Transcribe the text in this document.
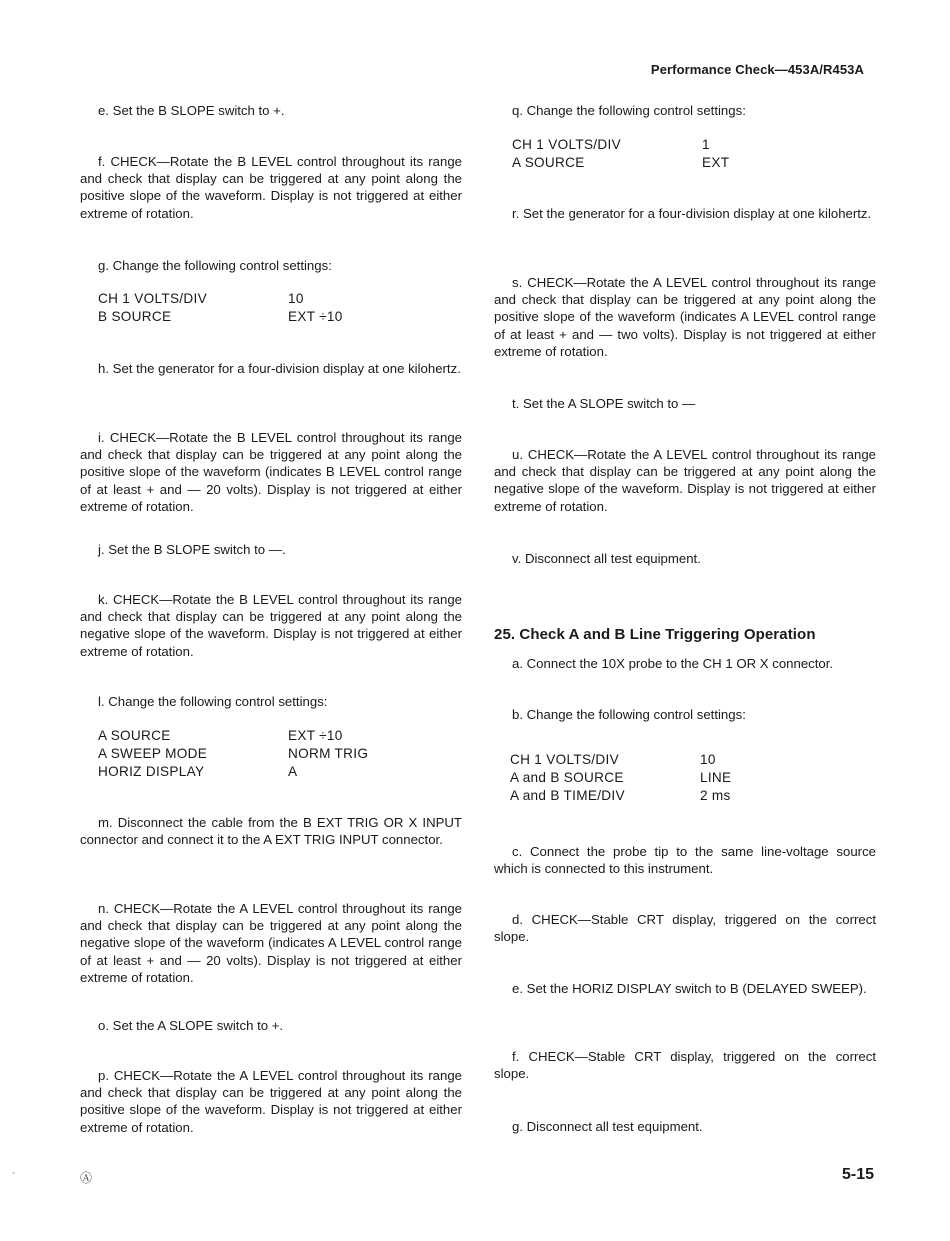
Performance Check—453A/R453A

e. Set the B SLOPE switch to +.

f. CHECK—Rotate the B LEVEL control throughout its range and check that display can be triggered at any point along the positive slope of the waveform. Display is not triggered at either extreme of rotation.

g. Change the following control settings:

CH 1 VOLTS/DIV	10
B SOURCE	EXT ÷10

h. Set the generator for a four-division display at one kilohertz.

i. CHECK—Rotate the B LEVEL control throughout its range and check that display can be triggered at any point along the positive slope of the waveform (indicates B LEVEL control range of at least + and — 20 volts). Display is not triggered at either extreme of rotation.

j. Set the B SLOPE switch to —.

k. CHECK—Rotate the B LEVEL control throughout its range and check that display can be triggered at any point along the negative slope of the waveform. Display is not triggered at either extreme of rotation.

l. Change the following control settings:

A SOURCE	EXT ÷10
A SWEEP MODE	NORM TRIG
HORIZ DISPLAY	A

m. Disconnect the cable from the B EXT TRIG OR X INPUT connector and connect it to the A EXT TRIG INPUT connector.

n. CHECK—Rotate the A LEVEL control throughout its range and check that display can be triggered at any point along the negative slope of the waveform (indicates A LEVEL control range of at least + and — 20 volts). Display is not triggered at either extreme of rotation.

o. Set the A SLOPE switch to +.

p. CHECK—Rotate the A LEVEL control throughout its range and check that display can be triggered at any point along the positive slope of the waveform. Display is not triggered at either extreme of rotation.

q. Change the following control settings:

CH 1 VOLTS/DIV	1
A SOURCE	EXT

r. Set the generator for a four-division display at one kilohertz.

s. CHECK—Rotate the A LEVEL control throughout its range and check that display can be triggered at any point along the positive slope of the waveform (indicates A LEVEL control range of at least + and — two volts). Display is not triggered at either extreme of rotation.

t. Set the A SLOPE switch to —

u. CHECK—Rotate the A LEVEL control throughout its range and check that display can be triggered at any point along the negative slope of the waveform. Display is not triggered at either extreme of rotation.

v. Disconnect all test equipment.

25. Check A and B Line Triggering Operation

a. Connect the 10X probe to the CH 1 OR X connector.

b. Change the following control settings:

CH 1 VOLTS/DIV	10
A and B SOURCE	LINE
A and B TIME/DIV	2 ms

c. Connect the probe tip to the same line-voltage source which is connected to this instrument.

d. CHECK—Stable CRT display, triggered on the correct slope.

e. Set the HORIZ DISPLAY switch to B (DELAYED SWEEP).

f. CHECK—Stable CRT display, triggered on the correct slope.

g. Disconnect all test equipment.

-	Ⓐ	5-15
